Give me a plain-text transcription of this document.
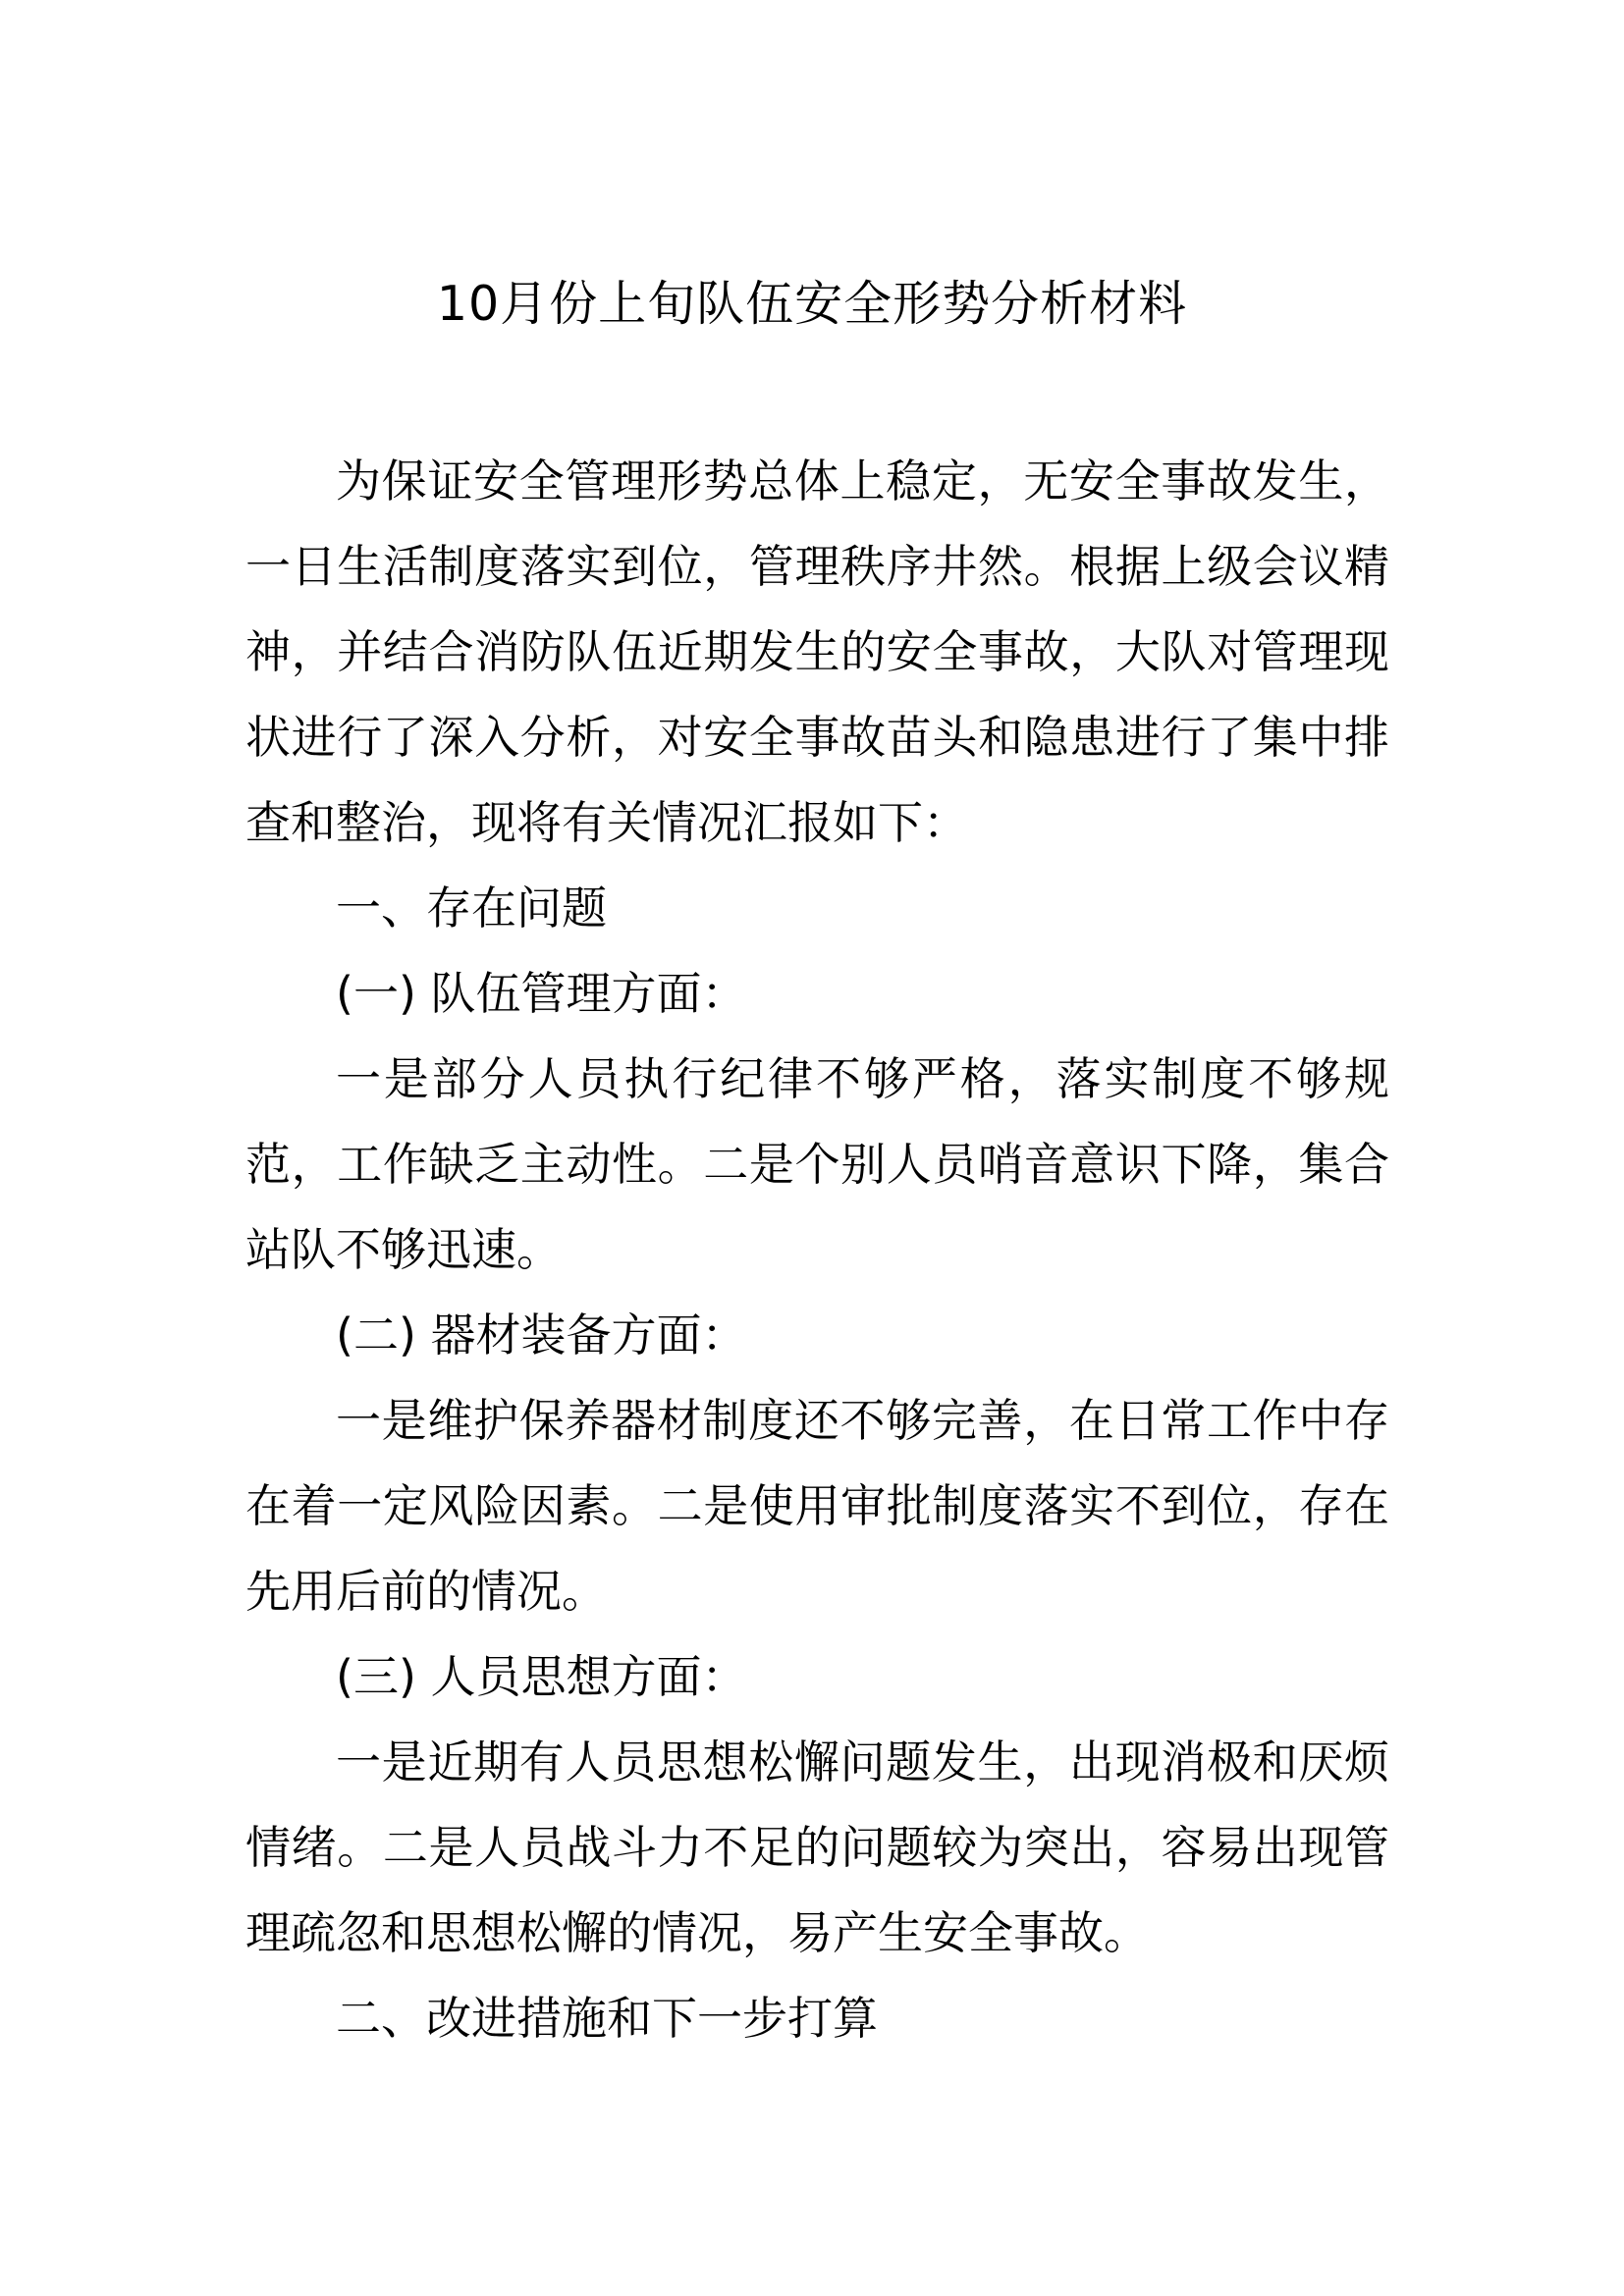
10月份上旬队伍安全形势分析材料

为保证安全管理形势总体上稳定，无安全事故发生，一日生活制度落实到位，管理秩序井然。根据上级会议精神，并结合消防队伍近期发生的安全事故，大队对管理现状进行了深入分析，对安全事故苗头和隐患进行了集中排查和整治，现将有关情况汇报如下：

一、存在问题

(一) 队伍管理方面：

一是部分人员执行纪律不够严格，落实制度不够规范，工作缺乏主动性。二是个别人员哨音意识下降，集合站队不够迅速。

(二) 器材装备方面：

一是维护保养器材制度还不够完善，在日常工作中存在着一定风险因素。二是使用审批制度落实不到位，存在先用后前的情况。

(三) 人员思想方面：

一是近期有人员思想松懈问题发生，出现消极和厌烦情绪。二是人员战斗力不足的问题较为突出，容易出现管理疏忽和思想松懈的情况，易产生安全事故。

二、改进措施和下一步打算
